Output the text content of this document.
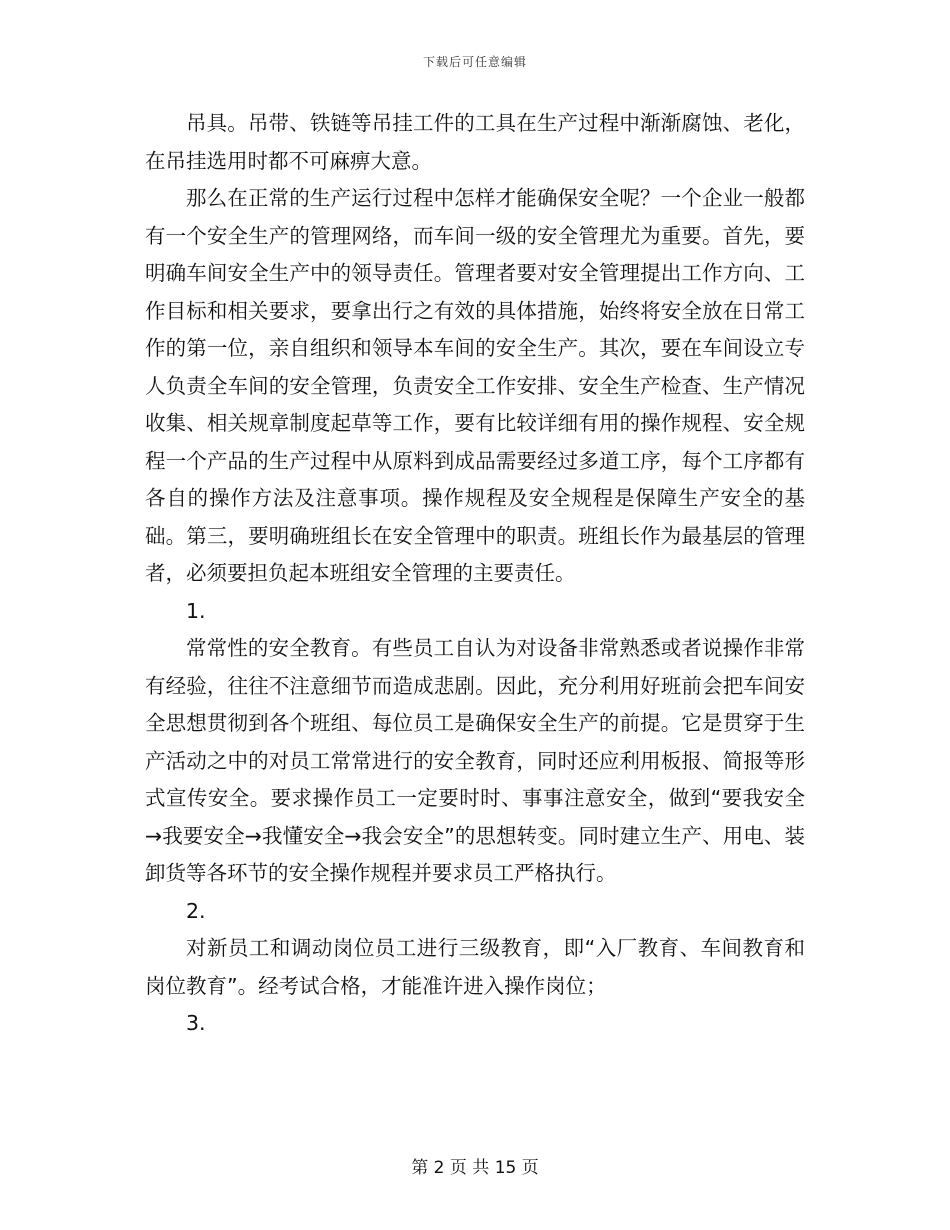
下载后可任意编辑

吊具。吊带、铁链等吊挂工件的工具在生产过程中渐渐腐蚀、老化，在吊挂选用时都不可麻痹大意。

那么在正常的生产运行过程中怎样才能确保安全呢？一个企业一般都有一个安全生产的管理网络，而车间一级的安全管理尤为重要。首先，要明确车间安全生产中的领导责任。管理者要对安全管理提出工作方向、工作目标和相关要求，要拿出行之有效的具体措施，始终将安全放在日常工作的第一位，亲自组织和领导本车间的安全生产。其次，要在车间设立专人负责全车间的安全管理，负责安全工作安排、安全生产检查、生产情况收集、相关规章制度起草等工作，要有比较详细有用的操作规程、安全规程一个产品的生产过程中从原料到成品需要经过多道工序，每个工序都有各自的操作方法及注意事项。操作规程及安全规程是保障生产安全的基础。第三，要明确班组长在安全管理中的职责。班组长作为最基层的管理者，必须要担负起本班组安全管理的主要责任。

1.

常常性的安全教育。有些员工自认为对设备非常熟悉或者说操作非常有经验，往往不注意细节而造成悲剧。因此，充分利用好班前会把车间安全思想贯彻到各个班组、每位员工是确保安全生产的前提。它是贯穿于生产活动之中的对员工常常进行的安全教育，同时还应利用板报、简报等形式宣传安全。要求操作员工一定要时时、事事注意安全，做到“要我安全→我要安全→我懂安全→我会安全”的思想转变。同时建立生产、用电、装卸货等各环节的安全操作规程并要求员工严格执行。

2.

对新员工和调动岗位员工进行三级教育，即“入厂教育、车间教育和岗位教育”。经考试合格，才能准许进入操作岗位；

3.

第 2 页 共 15 页
